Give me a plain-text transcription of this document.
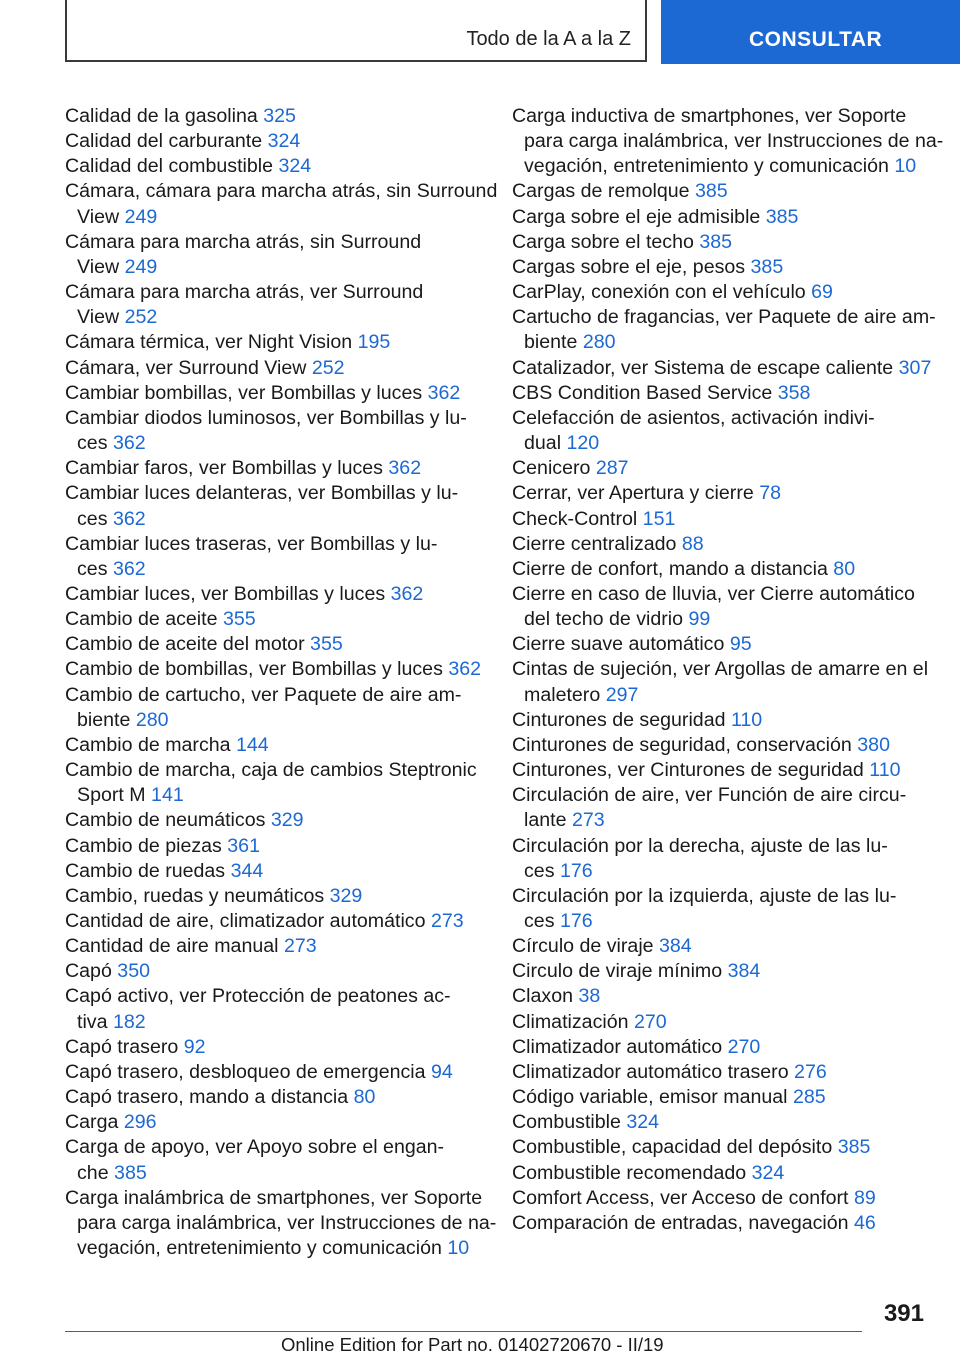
Todo de la A a la Z	CONSULTAR
Calidad de la gasolina 325
Calidad del carburante 324
Calidad del combustible 324
Cámara, cámara para marcha atrás, sin Surround
View 249
Cámara para marcha atrás, sin Surround
View 249
Cámara para marcha atrás, ver Surround
View 252
Cámara térmica, ver Night Vision 195
Cámara, ver Surround View 252
Cambiar bombillas, ver Bombillas y luces 362
Cambiar diodos luminosos, ver Bombillas y lu-
ces 362
Cambiar faros, ver Bombillas y luces 362
Cambiar luces delanteras, ver Bombillas y lu-
ces 362
Cambiar luces traseras, ver Bombillas y lu-
ces 362
Cambiar luces, ver Bombillas y luces 362
Cambio de aceite 355
Cambio de aceite del motor 355
Cambio de bombillas, ver Bombillas y luces 362
Cambio de cartucho, ver Paquete de aire am-
biente 280
Cambio de marcha 144
Cambio de marcha, caja de cambios Steptronic
Sport M 141
Cambio de neumáticos 329
Cambio de piezas 361
Cambio de ruedas 344
Cambio, ruedas y neumáticos 329
Cantidad de aire, climatizador automático 273
Cantidad de aire manual 273
Capó 350
Capó activo, ver Protección de peatones ac-
tiva 182
Capó trasero 92
Capó trasero, desbloqueo de emergencia 94
Capó trasero, mando a distancia 80
Carga 296
Carga de apoyo, ver Apoyo sobre el engan-
che 385
Carga inalámbrica de smartphones, ver Soporte
para carga inalámbrica, ver Instrucciones de na-
vegación, entretenimiento y comunicación 10
Carga inductiva de smartphones, ver Soporte
para carga inalámbrica, ver Instrucciones de na-
vegación, entretenimiento y comunicación 10
Cargas de remolque 385
Carga sobre el eje admisible 385
Carga sobre el techo 385
Cargas sobre el eje, pesos 385
CarPlay, conexión con el vehículo 69
Cartucho de fragancias, ver Paquete de aire am-
biente 280
Catalizador, ver Sistema de escape caliente 307
CBS Condition Based Service 358
Celefacción de asientos, activación indivi-
dual 120
Cenicero 287
Cerrar, ver Apertura y cierre 78
Check-Control 151
Cierre centralizado 88
Cierre de confort, mando a distancia 80
Cierre en caso de lluvia, ver Cierre automático
del techo de vidrio 99
Cierre suave automático 95
Cintas de sujeción, ver Argollas de amarre en el
maletero 297
Cinturones de seguridad 110
Cinturones de seguridad, conservación 380
Cinturones, ver Cinturones de seguridad 110
Circulación de aire, ver Función de aire circu-
lante 273
Circulación por la derecha, ajuste de las lu-
ces 176
Circulación por la izquierda, ajuste de las lu-
ces 176
Círculo de viraje 384
Circulo de viraje mínimo 384
Claxon 38
Climatización 270
Climatizador automático 270
Climatizador automático trasero 276
Código variable, emisor manual 285
Combustible 324
Combustible, capacidad del depósito 385
Combustible recomendado 324
Comfort Access, ver Acceso de confort 89
Comparación de entradas, navegación 46
391
Online Edition for Part no. 01402720670 - II/19
